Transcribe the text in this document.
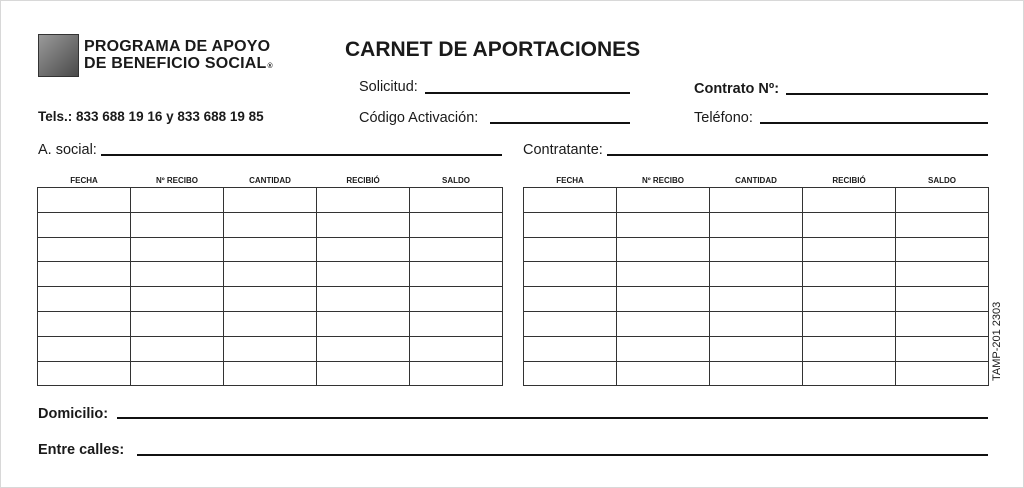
PROGRAMA DE APOYO
DE BENEFICIO SOCIAL®
CARNET DE APORTACIONES
Tels.: 833 688 19 16 y 833 688 19 85
Solicitud:
Código Activación:
Contrato Nº:
Teléfono:
A. social:	Contratante:
FECHA	Nº RECIBO	CANTIDAD	RECIBIÓ	SALDO

					FECHA	Nº RECIBO	CANTIDAD	RECIBIÓ	SALDO

TAMP-201 2303
Domicilio:
Entre calles:
